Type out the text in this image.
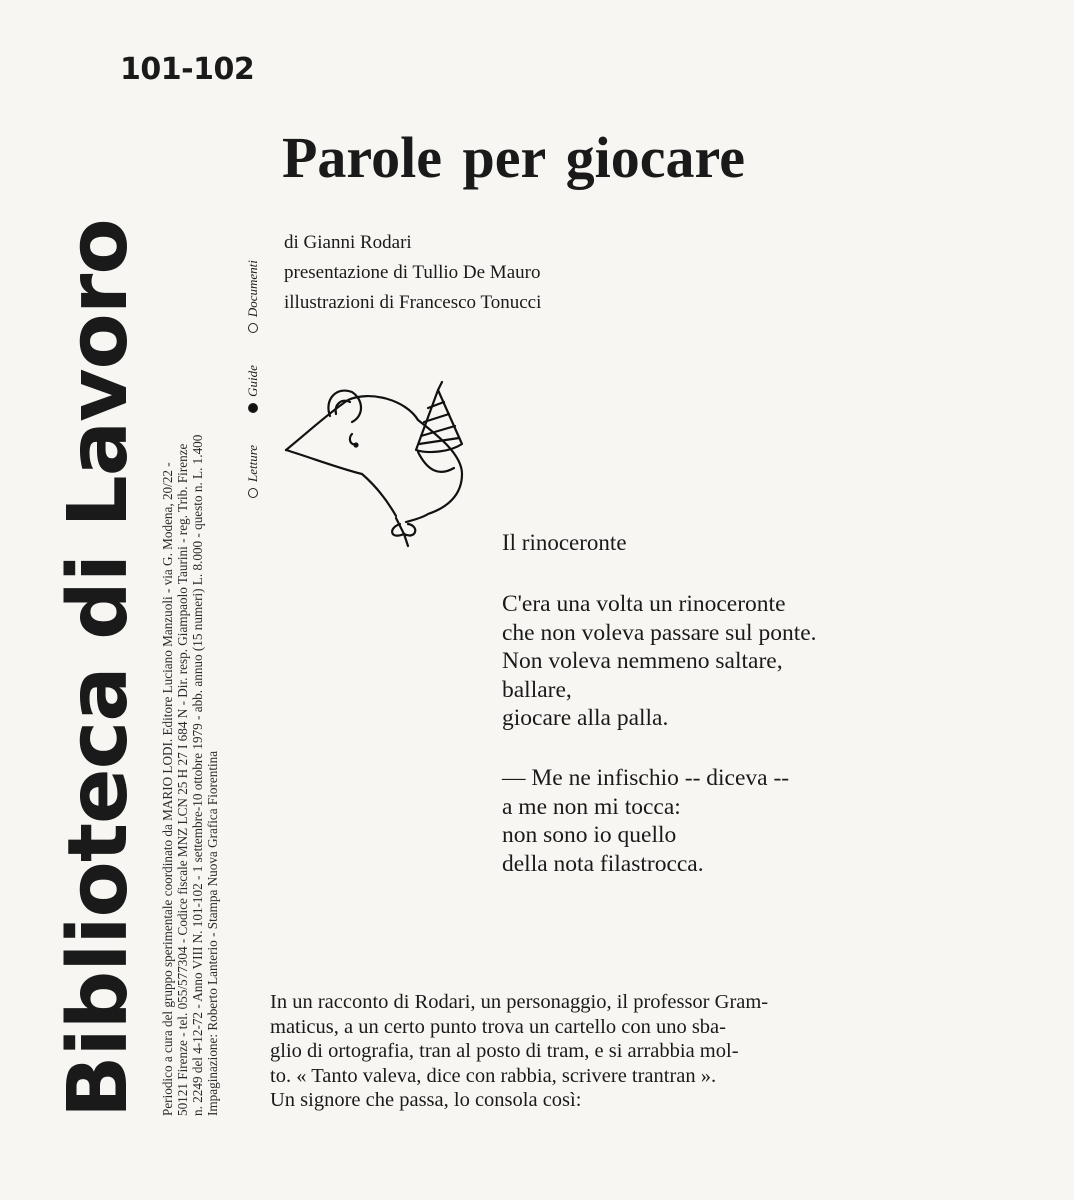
101-102
Biblioteca di Lavoro Periodico a cura del gruppo sperimentale coordinato da MARIO LODI. Editore Luciano Manzuoli - via G. Modena, 20/22 - 50121 Firenze - tel. 055/577304 - Codice fiscale MNZ LCN 25 H 27 I 684 N - Dir. resp. Giampaolo Taurini - reg. Trib. Firenze n. 2249 del 4-12-72 - Anno VIII N. 101-102 - 1 settembre-10 ottobre 1979 - abb. annuo (15 numeri) L. 8.000 - questo n. L. 1.400 Impaginazione: Roberto Lanterio - Stampa Nuova Grafica Fiorentina
Letture
Guide
Documenti
Parole per giocare
di Gianni Rodari
presentazione di Tullio De Mauro
illustrazioni di Francesco Tonucci
Il rinoceronte
C'era una volta un rinoceronte
che non voleva passare sul ponte.
Non voleva nemmeno saltare,
ballare,
giocare alla palla.
— Me ne infischio -- diceva --
a me non mi tocca:
non sono io quello
della nota filastrocca.
In un racconto di Rodari, un personaggio, il professor Gram-
maticus, a un certo punto trova un cartello con uno sba-
glio di ortografia, tran al posto di tram, e si arrabbia mol-
to. « Tanto valeva, dice con rabbia, scrivere trantran ».
Un signore che passa, lo consola così:
